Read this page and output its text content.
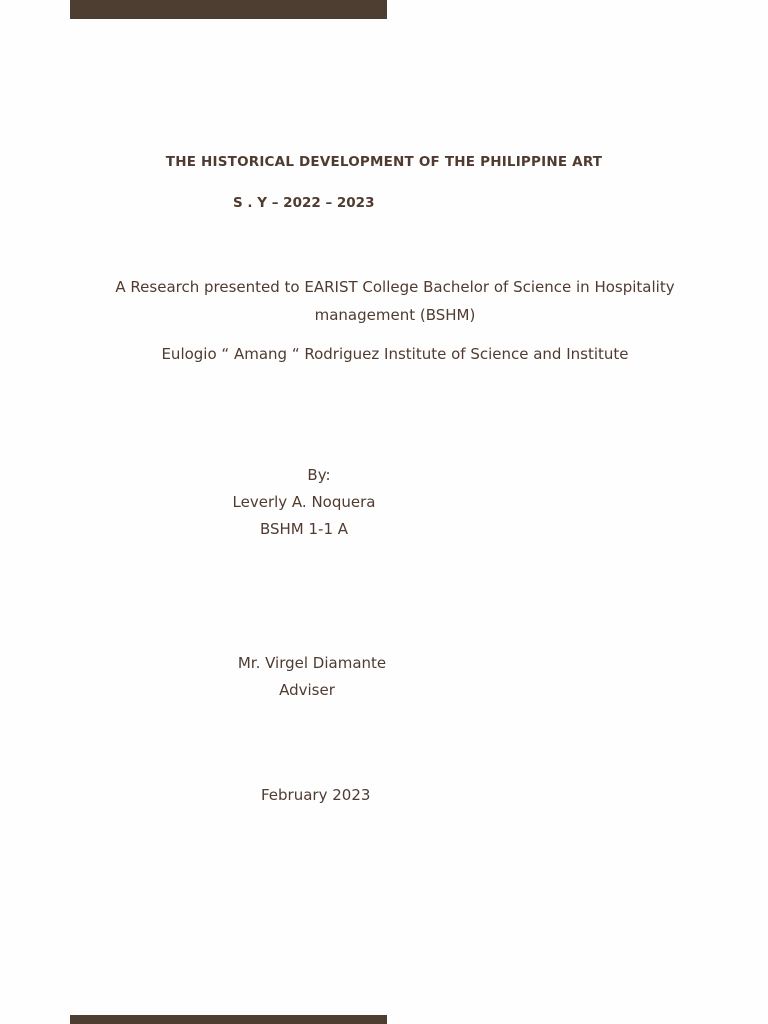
THE HISTORICAL DEVELOPMENT OF THE PHILIPPINE ART
S . Y – 2022 – 2023
A Research presented to EARIST College Bachelor of Science in Hospitality management (BSHM)
Eulogio “ Amang “ Rodriguez Institute of Science and Institute
By:
Leverly A. Noquera
BSHM 1-1 A
Mr. Virgel Diamante
Adviser
February 2023
